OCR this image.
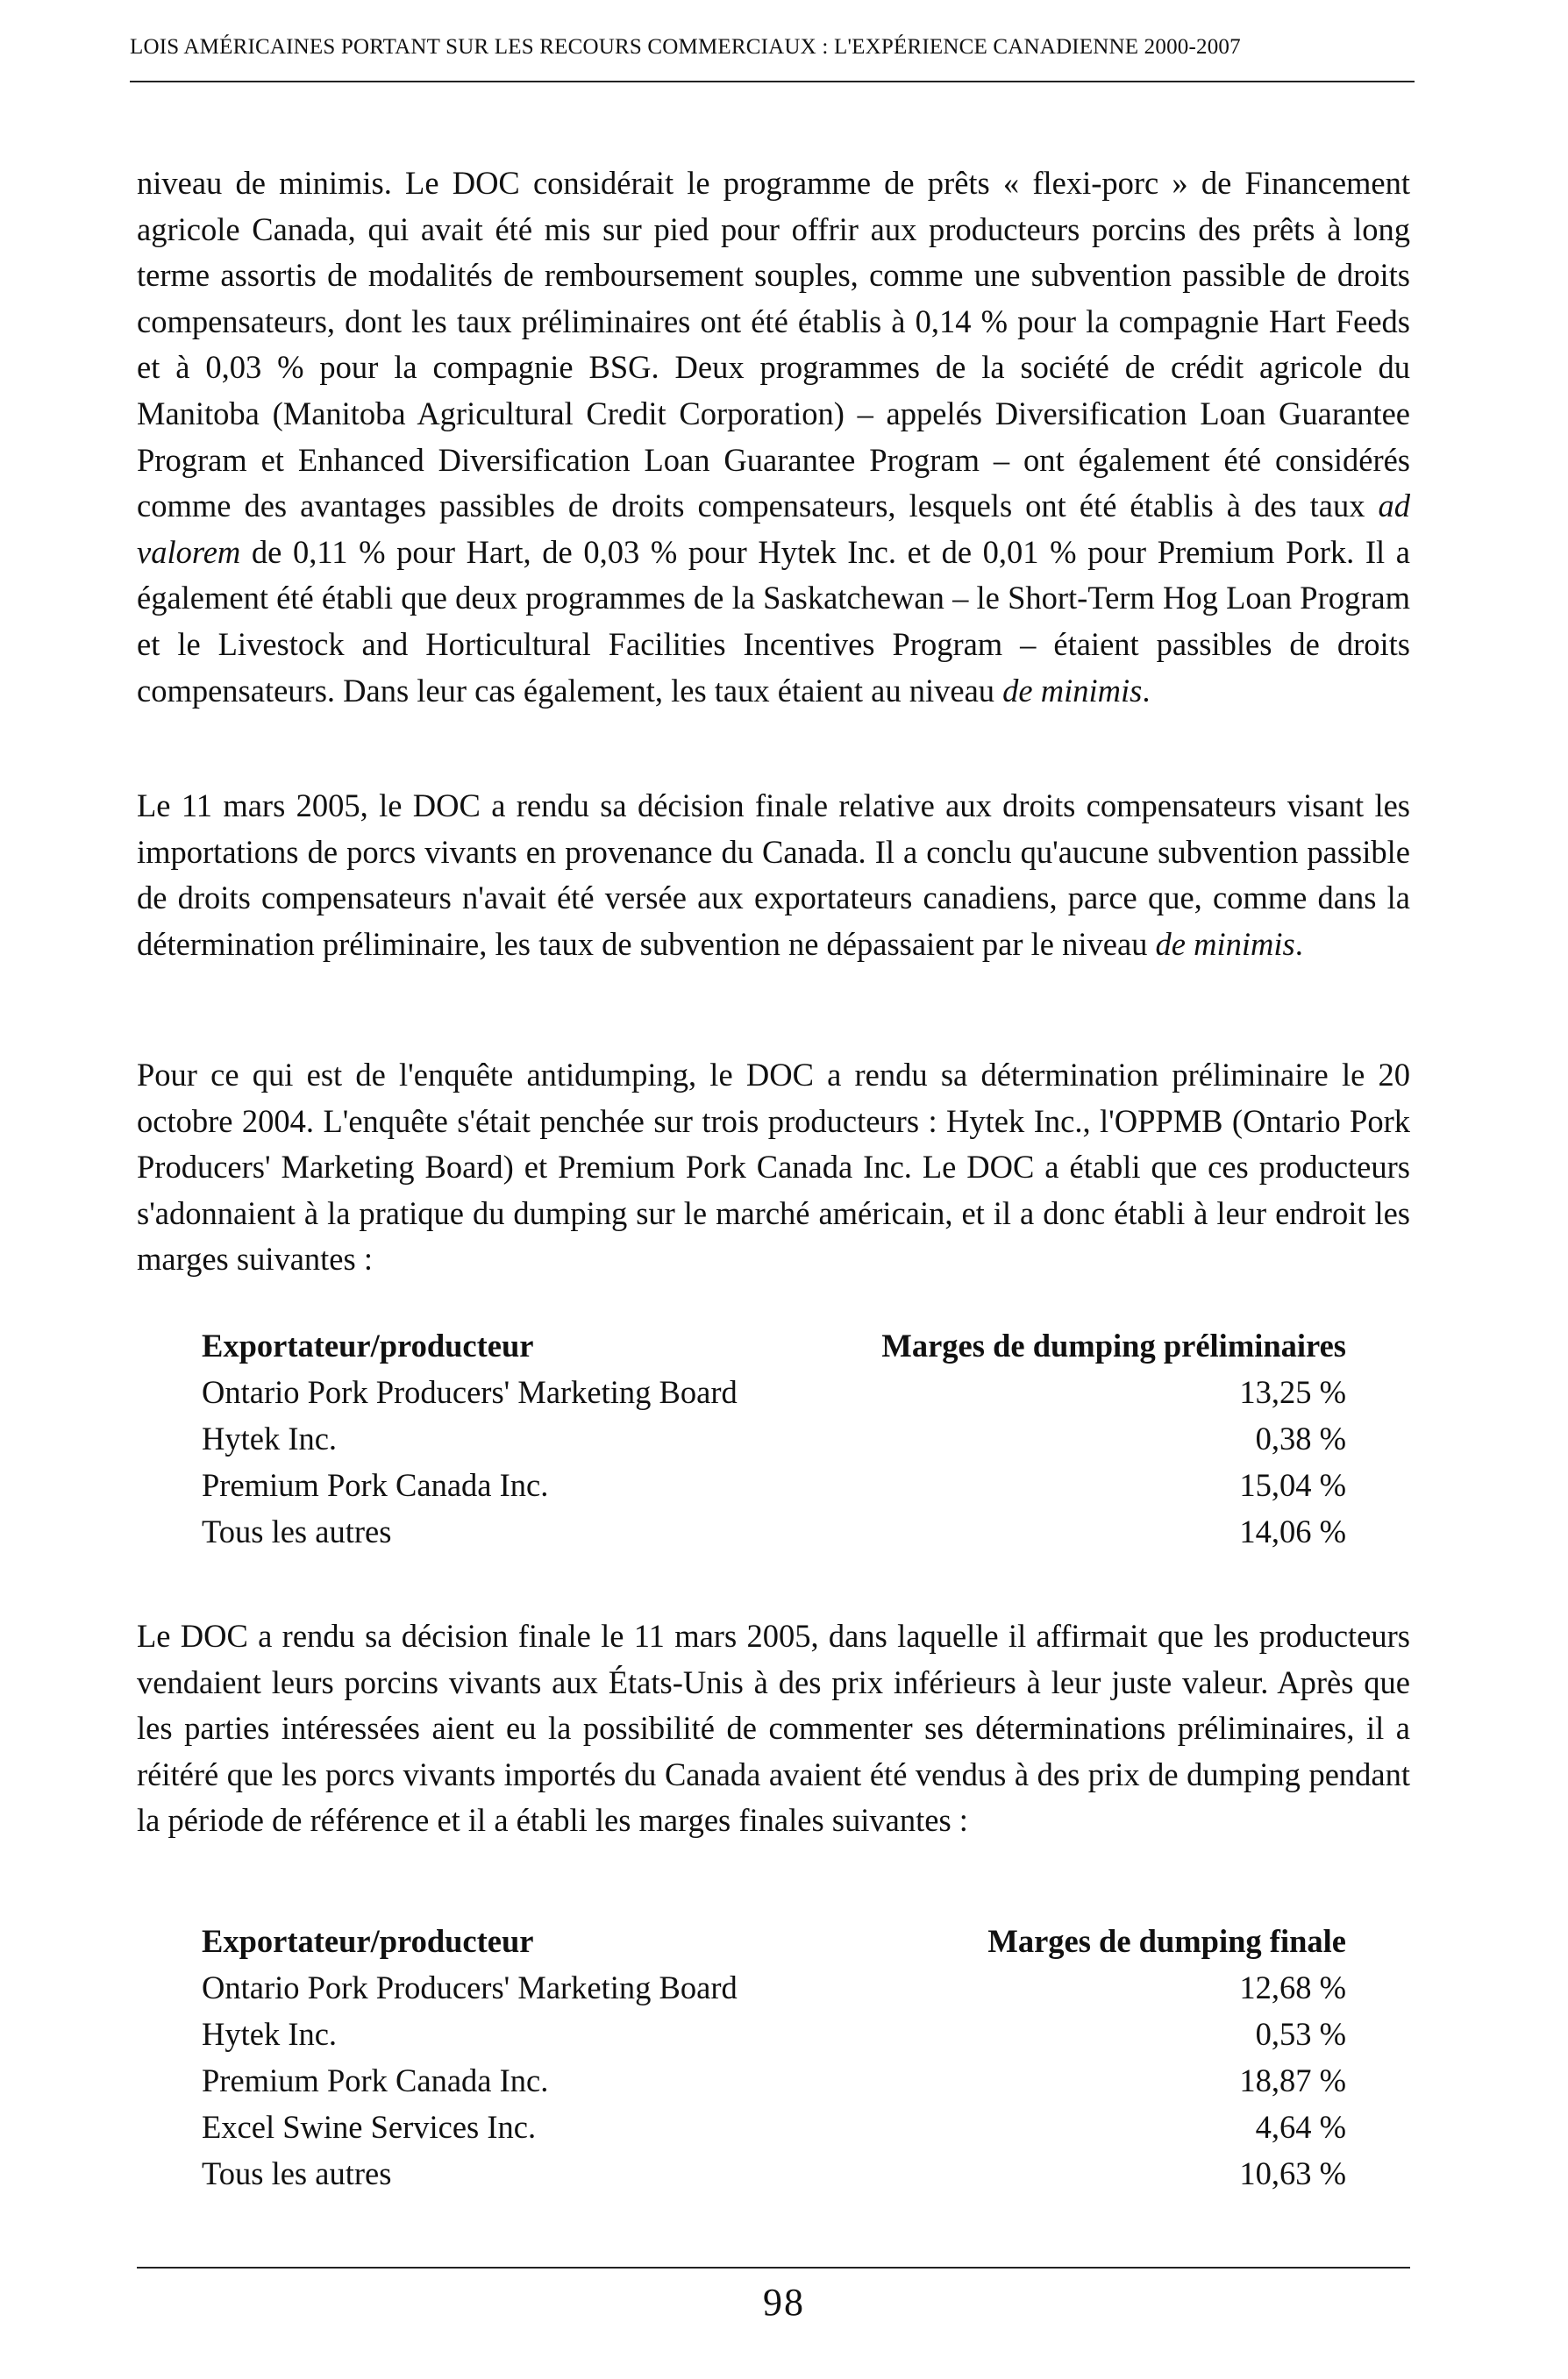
LOIS AMÉRICAINES PORTANT SUR LES RECOURS COMMERCIAUX : L'EXPÉRIENCE CANADIENNE 2000-2007

niveau de minimis. Le DOC considérait le programme de prêts « flexi-porc » de Financement agricole Canada, qui avait été mis sur pied pour offrir aux producteurs porcins des prêts à long terme assortis de modalités de remboursement souples, comme une subvention passible de droits compensateurs, dont les taux préliminaires ont été établis à 0,14 % pour la compagnie Hart Feeds et à 0,03 % pour la compagnie BSG. Deux programmes de la société de crédit agricole du Manitoba (Manitoba Agricultural Credit Corporation) – appelés Diversification Loan Guarantee Program et Enhanced Diversification Loan Guarantee Program – ont également été considérés comme des avantages passibles de droits compensateurs, lesquels ont été établis à des taux ad valorem de 0,11 % pour Hart, de 0,03 % pour Hytek Inc. et de 0,01 % pour Premium Pork. Il a également été établi que deux programmes de la Saskatchewan – le Short-Term Hog Loan Program et le Livestock and Horticultural Facilities Incentives Program – étaient passibles de droits compensateurs. Dans leur cas également, les taux étaient au niveau de minimis.

Le 11 mars 2005, le DOC a rendu sa décision finale relative aux droits compensateurs visant les importations de porcs vivants en provenance du Canada. Il a conclu qu'aucune subvention passible de droits compensateurs n'avait été versée aux exportateurs canadiens, parce que, comme dans la détermination préliminaire, les taux de subvention ne dépassaient par le niveau de minimis.

Pour ce qui est de l'enquête antidumping, le DOC a rendu sa détermination préliminaire le 20 octobre 2004. L'enquête s'était penchée sur trois producteurs : Hytek Inc., l'OPPMB (Ontario Pork Producers' Marketing Board) et Premium Pork Canada Inc. Le DOC a établi que ces producteurs s'adonnaient à la pratique du dumping sur le marché américain, et il a donc établi à leur endroit les marges suivantes :

Exportateur/producteur	Marges de dumping préliminaires
Ontario Pork Producers' Marketing Board	13,25 %
Hytek Inc.	0,38 %
Premium Pork Canada Inc.	15,04 %
Tous les autres	14,06 %

Le DOC a rendu sa décision finale le 11 mars 2005, dans laquelle il affirmait que les producteurs vendaient leurs porcins vivants aux États-Unis à des prix inférieurs à leur juste valeur. Après que les parties intéressées aient eu la possibilité de commenter ses déterminations préliminaires, il a réitéré que les porcs vivants importés du Canada avaient été vendus à des prix de dumping pendant la période de référence et il a établi les marges finales suivantes :

Exportateur/producteur	Marges de dumping finale
Ontario Pork Producers' Marketing Board	12,68 %
Hytek Inc.	0,53 %
Premium Pork Canada Inc.	18,87 %
Excel Swine Services Inc.	4,64 %
Tous les autres	10,63 %
98
